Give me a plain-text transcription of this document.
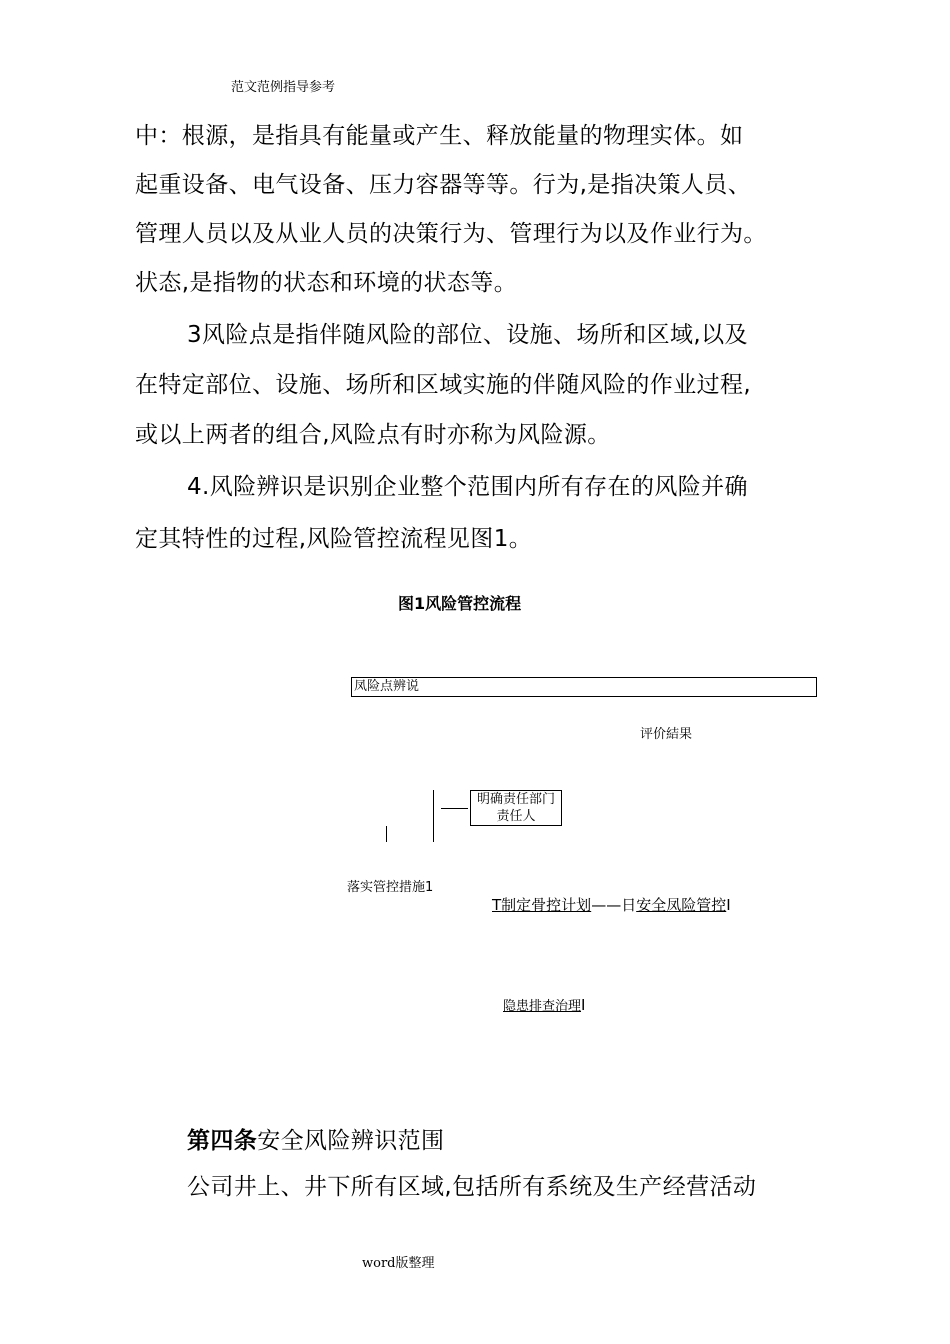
范文范例指导参考
中：根源，是指具有能量或产生、释放能量的物理实体。如
起重设备、电气设备、压力容器等等。行为,是指决策人员、
管理人员以及从业人员的决策行为、管理行为以及作业行为。
状态,是指物的状态和环境的状态等。
3风险点是指伴随风险的部位、设施、场所和区域,以及
在特定部位、设施、场所和区域实施的伴随风险的作业过程,
或以上两者的组合,风险点有时亦称为风险源。
4.风险辨识是识别企业整个范围内所有存在的风险并确
定其特性的过程,风险管控流程见图1。
图1风险管控流程
凤险点辨说
评价結果
明确责任部门责任人
落实管控措施1
T制定骨控计划——日安全凤险管控I
隐患排查治理I
第四条安全风险辨识范围
公司井上、井下所有区域,包括所有系统及生产经营活动
word版整理
